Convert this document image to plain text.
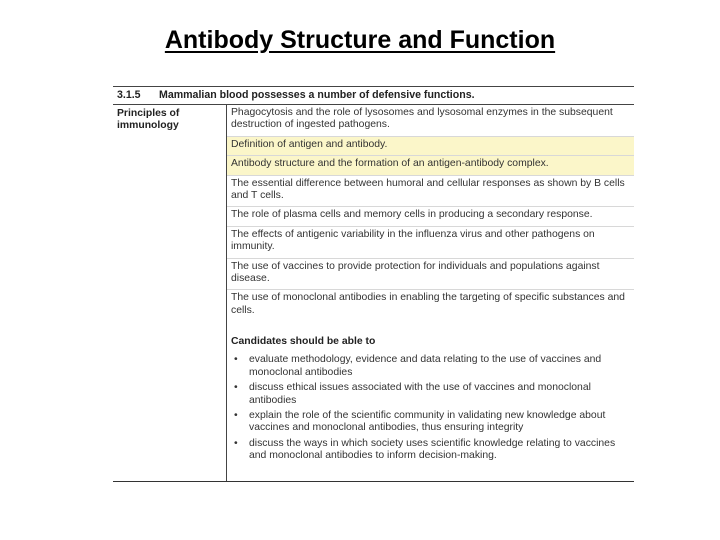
Antibody Structure and Function
3.1.5 Mammalian blood possesses a number of defensive functions.
Principles of immunology
Phagocytosis and the role of lysosomes and lysosomal enzymes in the subsequent destruction of ingested pathogens.
Definition of antigen and antibody.
Antibody structure and the formation of an antigen-antibody complex.
The essential difference between humoral and cellular responses as shown by B cells and T cells.
The role of plasma cells and memory cells in producing a secondary response.
The effects of antigenic variability in the influenza virus and other pathogens on immunity.
The use of vaccines to provide protection for individuals and populations against disease.
The use of monoclonal antibodies in enabling the targeting of specific substances and cells.
Candidates should be able to
• evaluate methodology, evidence and data relating to the use of vaccines and monoclonal antibodies
• discuss ethical issues associated with the use of vaccines and monoclonal antibodies
• explain the role of the scientific community in validating new knowledge about vaccines and monoclonal antibodies, thus ensuring integrity
• discuss the ways in which society uses scientific knowledge relating to vaccines and monoclonal antibodies to inform decision-making.
